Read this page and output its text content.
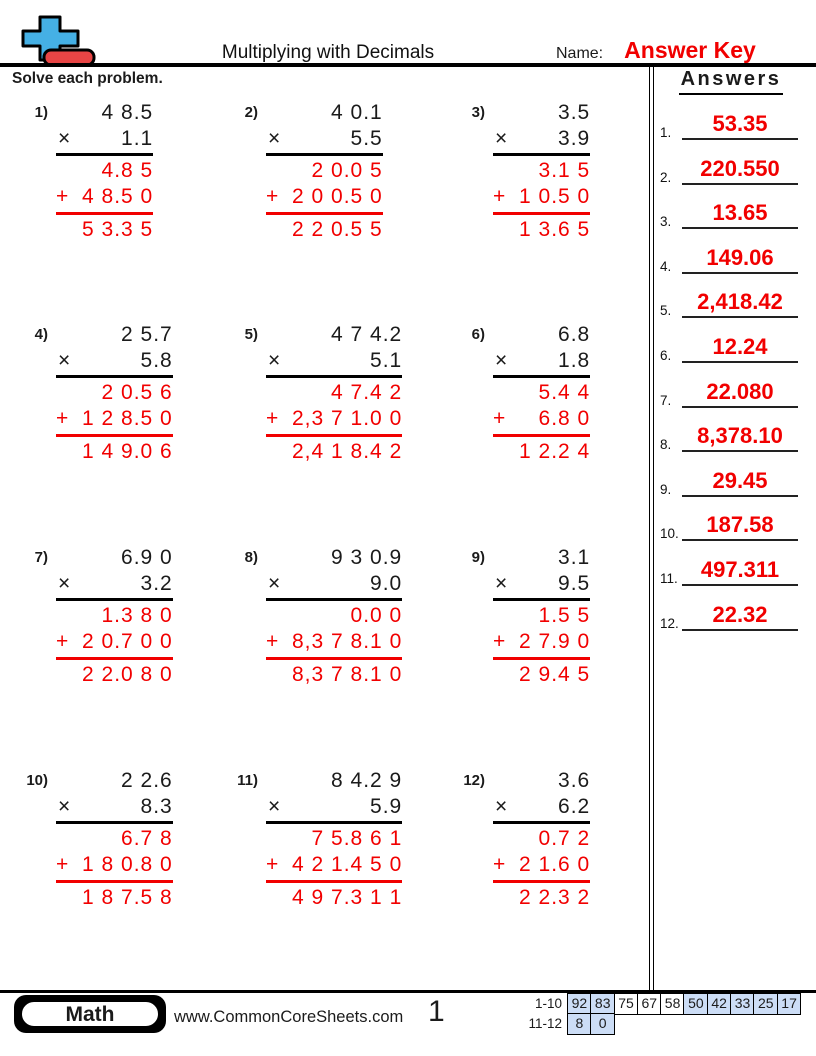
Multiplying with Decimals	Name: Answer Key
Solve each problem.	Answers
1.	53.35
2.	220.550
3.	13.65
4.	149.06
5.	2,418.42
6.	12.24
7.	22.080
8.	8,378.10
9.	29.45
10.	187.58
11.	497.311
12.	22.32
1)	4 8.5
× 1.1
4.8 5
+ 4 8.5 0
5 3.3 5
2)	4 0.1
×	5.5
2 0.0 5
+ 2 0 0.5 0
2 2 0.5 5
3)	3.5
× 3.9
3.1 5
+ 1 0.5 0
1 3.6 5
4)	2 5.7
×	5.8
2 0.5 6
+ 1 2 8.5 0
1 4 9.0 6
5)	4 7 4.2
×	5.1
4 7.4 2
+ 2,3 7 1.0 0
2,4 1 8.4 2
6)	6.8
× 1.8
5.4 4
+ 6.8 0
1 2.2 4
7)	6.9 0
×	3.2
1.3 8 0
+ 2 0.7 0 0
2 2.0 8 0
8)	9 3 0.9
×	9.0
0.0 0
+ 8,3 7 8.1 0
8,3 7 8.1 0
9)	3.1
× 9.5
1.5 5
+ 2 7.9 0
2 9.4 5
10)	2 2.6
×	8.3
6.7 8
+ 1 8 0.8 0
1 8 7.5 8
11)	8 4.2 9
×	5.9
7 5.8 6 1
+ 4 2 1.4 5 0
4 9 7.3 1 1
12)	3.6
× 6.2
0.7 2
+ 2 1.6 0
2 2.3 2
Math	www.CommonCoreSheets.com 1	1-10 92 83 75 67 58 50 42 33 25 17
11-12 8	0
